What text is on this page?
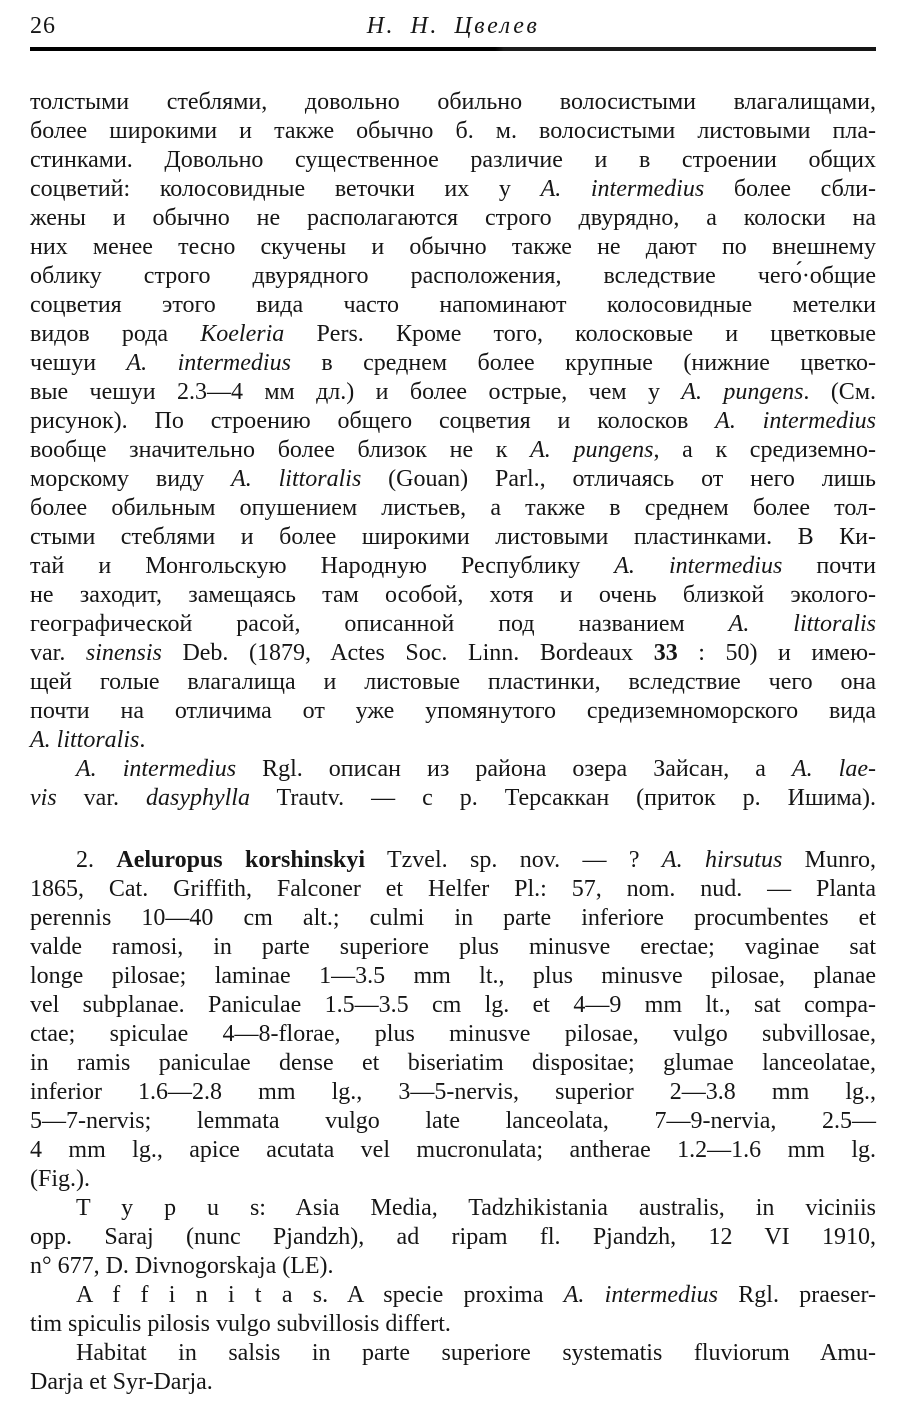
26	Н. Н. Цвелев
толстыми стеблями, довольно обильно волосистыми влагалищами,
более широкими и также обычно б. м. волосистыми листовыми пла-
стинками. Довольно существенное различие и в строении общих
соцветий: колосовидные веточки их у A. intermedius более сбли-
жены и обычно не располагаются строго двурядно, а колоски на
них менее тесно скучены и обычно также не дают по внешнему
облику строго двурядного расположения, вследствие чего́·общие
соцветия этого вида часто напоминают колосовидные метелки
видов рода Koeleria Pers. Кроме того, колосковые и цветковые
чешуи A. intermedius в среднем более крупные (нижние цветко-
вые чешуи 2.3—4 мм дл.) и более острые, чем у A. pungens. (См.
рисунок). По строению общего соцветия и колосков A. intermedius
вообще значительно более близок не к A. pungens, а к средиземно-
морскому виду A. littoralis (Gouan) Parl., отличаясь от него лишь
более обильным опушением листьев, а также в среднем более тол-
стыми стеблями и более широкими листовыми пластинками. В Ки-
тай и Монгольскую Народную Республику A. intermedius почти
не заходит, замещаясь там особой, хотя и очень близкой эколого-
географической расой, описанной под названием A. littoralis
var. sinensis Deb. (1879, Actes Soc. Linn. Bordeaux 33 : 50) и имею-
щей голые влагалища и листовые пластинки, вследствие чего она
почти на отличима от уже упомянутого средиземноморского вида
A. littoralis.
A. intermedius Rgl. описан из района озера Зайсан, а A. lae-
vis var. dasyphylla Trautv. — с р. Терсаккан (приток р. Ишима).
2. Aeluropus korshinskyi Tzvel. sp. nov. — ? A. hirsutus Munro,
1865, Cat. Griffith, Falconer et Helfer Pl.: 57, nom. nud. — Planta
perennis 10—40 cm alt.; culmi in parte inferiore procumbentes et
valde ramosi, in parte superiore plus minusve erectae; vaginae sat
longe pilosae; laminae 1—3.5 mm lt., plus minusve pilosae, planae
vel subplanae. Paniculae 1.5—3.5 cm lg. et 4—9 mm lt., sat compa-
ctae; spiculae 4—8-florae, plus minusve pilosae, vulgo subvillosae,
in ramis paniculae dense et biseriatim dispositae; glumae lanceolatae,
inferior 1.6—2.8 mm lg., 3—5-nervis, superior 2—3.8 mm lg.,
5—7-nervis; lemmata vulgo late lanceolata, 7—9-nervia, 2.5—
4 mm lg., apice acutata vel mucronulata; antherae 1.2—1.6 mm lg.
(Fig.).
T y p u s: Asia Media, Tadzhikistania australis, in viciniis
opp. Saraj (nunc Pjandzh), ad ripam fl. Pjandzh, 12 VI 1910,
n° 677, D. Divnogorskaja (LE).
A f f i n i t a s. A specie proxima A. intermedius Rgl. praeser-
tim spiculis pilosis vulgo subvillosis differt.
Habitat in salsis in parte superiore systematis fluviorum Amu-
Darja et Syr-Darja.
